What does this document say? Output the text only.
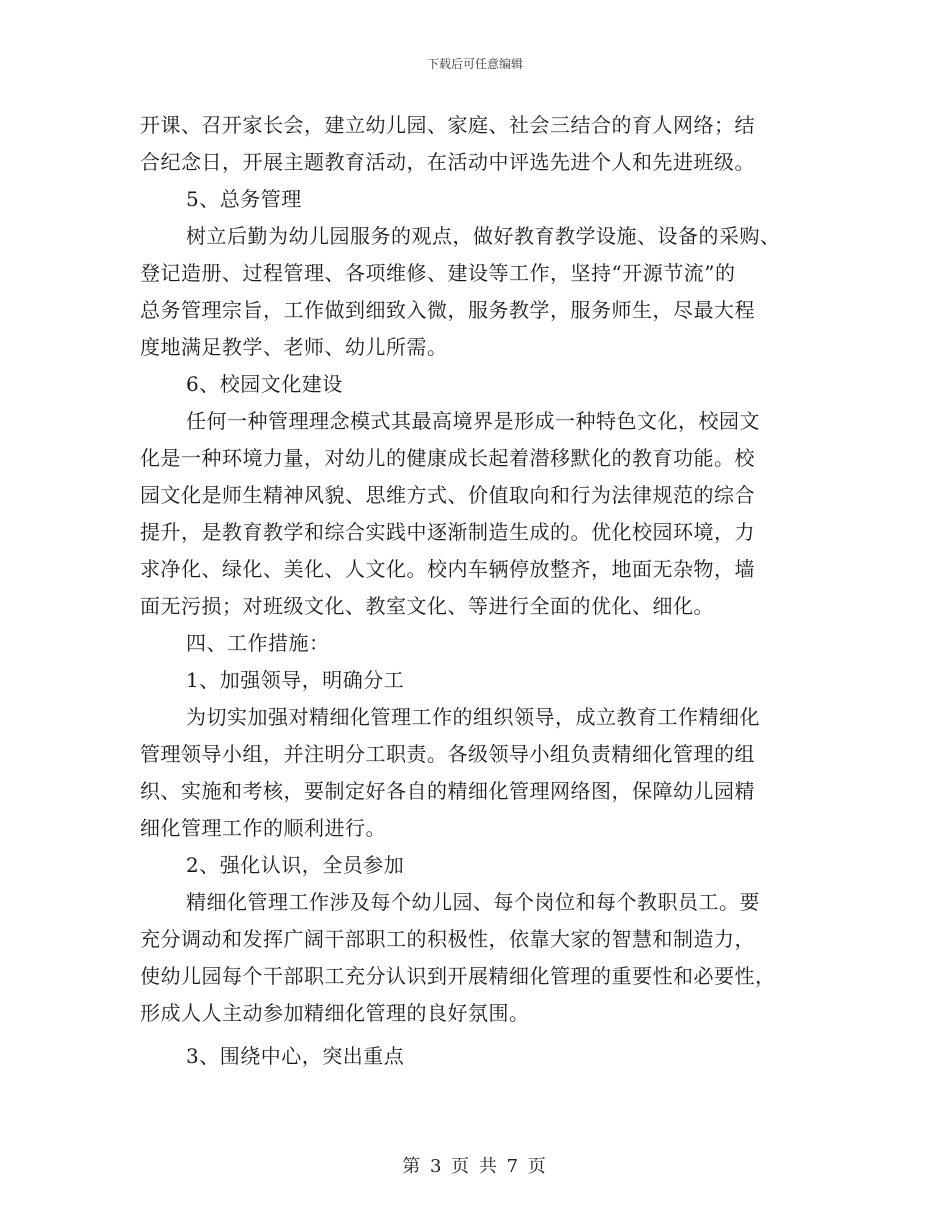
下载后可任意编辑
开课、召开家长会，建立幼儿园、家庭、社会三结合的育人网络；结
合纪念日，开展主题教育活动，在活动中评选先进个人和先进班级。
5、总务管理
树立后勤为幼儿园服务的观点，做好教育教学设施、设备的采购、
登记造册、过程管理、各项维修、建设等工作，坚持“开源节流”的
总务管理宗旨，工作做到细致入微，服务教学，服务师生，尽最大程
度地满足教学、老师、幼儿所需。
6、校园文化建设
任何一种管理理念模式其最高境界是形成一种特色文化，校园文
化是一种环境力量，对幼儿的健康成长起着潜移默化的教育功能。校
园文化是师生精神风貌、思维方式、价值取向和行为法律规范的综合
提升，是教育教学和综合实践中逐渐制造生成的。优化校园环境，力
求净化、绿化、美化、人文化。校内车辆停放整齐，地面无杂物，墙
面无污损；对班级文化、教室文化、等进行全面的优化、细化。
四、工作措施：
1、加强领导，明确分工
为切实加强对精细化管理工作的组织领导，成立教育工作精细化
管理领导小组，并注明分工职责。各级领导小组负责精细化管理的组
织、实施和考核，要制定好各自的精细化管理网络图，保障幼儿园精
细化管理工作的顺利进行。
2、强化认识，全员参加
精细化管理工作涉及每个幼儿园、每个岗位和每个教职员工。要
充分调动和发挥广阔干部职工的积极性，依靠大家的智慧和制造力，
使幼儿园每个干部职工充分认识到开展精细化管理的重要性和必要性，
形成人人主动参加精细化管理的良好氛围。
3、围绕中心，突出重点
第 3 页 共 7 页
